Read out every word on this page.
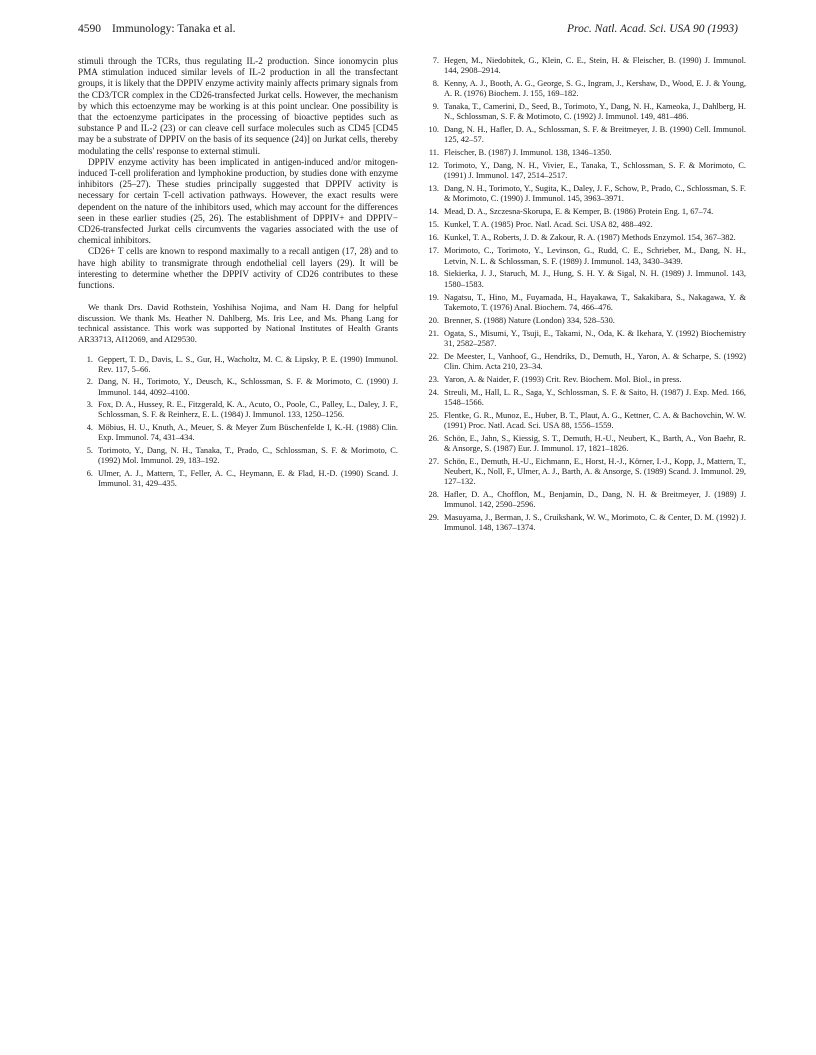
4590 Immunology: Tanaka et al.	Proc. Natl. Acad. Sci. USA 90 (1993)

stimuli through the TCRs, thus regulating IL-2 production. Since ionomycin plus PMA stimulation induced similar levels of IL-2 production in all the transfectant groups, it is likely that the DPPIV enzyme activity mainly affects primary signals from the CD3/TCR complex in the CD26-transfected Jurkat cells. However, the mechanism by which this ectoenzyme may be working is at this point unclear. One possibility is that the ectoenzyme participates in the processing of bioactive peptides such as substance P and IL-2 (23) or can cleave cell surface molecules such as CD45 [CD45 may be a substrate of DPPIV on the basis of its sequence (24)] on Jurkat cells, thereby modulating the cells' response to external stimuli.

DPPIV enzyme activity has been implicated in antigen-induced and/or mitogen-induced T-cell proliferation and lymphokine production, by studies done with enzyme inhibitors (25–27). These studies principally suggested that DPPIV activity is necessary for certain T-cell activation pathways. However, the exact results were dependent on the nature of the inhibitors used, which may account for the differences seen in these earlier studies (25, 26). The establishment of DPPIV+ and DPPIV− CD26-transfected Jurkat cells circumvents the vagaries associated with the use of chemical inhibitors.

CD26+ T cells are known to respond maximally to a recall antigen (17, 28) and to have high ability to transmigrate through endothelial cell layers (29). It will be interesting to determine whether the DPPIV activity of CD26 contributes to these functions.

We thank Drs. David Rothstein, Yoshihisa Nojima, and Nam H. Dang for helpful discussion. We thank Ms. Heather N. Dahlberg, Ms. Iris Lee, and Ms. Phang Lang for technical assistance. This work was supported by National Institutes of Health Grants AR33713, AI12069, and AI29530.

1. Geppert, T. D., Davis, L. S., Gur, H., Wacholtz, M. C. & Lipsky, P. E. (1990) Immunol. Rev. 117, 5–66.
2. Dang, N. H., Torimoto, Y., Deusch, K., Schlossman, S. F. & Morimoto, C. (1990) J. Immunol. 144, 4092–4100.
3. Fox, D. A., Hussey, R. E., Fitzgerald, K. A., Acuto, O., Poole, C., Palley, L., Daley, J. F., Schlossman, S. F. & Reinherz, E. L. (1984) J. Immunol. 133, 1250–1256.
4. Möbius, H. U., Knuth, A., Meuer, S. & Meyer Zum Büschenfelde I, K.-H. (1988) Clin. Exp. Immunol. 74, 431–434.
5. Torimoto, Y., Dang, N. H., Tanaka, T., Prado, C., Schlossman, S. F. & Morimoto, C. (1992) Mol. Immunol. 29, 183–192.
6. Ulmer, A. J., Mattern, T., Feller, A. C., Heymann, E. & Flad, H.-D. (1990) Scand. J. Immunol. 31, 429–435.
7. Hegen, M., Niedobitek, G., Klein, C. E., Stein, H. & Fleischer, B. (1990) J. Immunol. 144, 2908–2914.
8. Kenny, A. J., Booth, A. G., George, S. G., Ingram, J., Kershaw, D., Wood, E. J. & Young, A. R. (1976) Biochem. J. 155, 169–182.
9. Tanaka, T., Camerini, D., Seed, B., Torimoto, Y., Dang, N. H., Kameoka, J., Dahlberg, H. N., Schlossman, S. F. & Motimoto, C. (1992) J. Immunol. 149, 481–486.
10. Dang, N. H., Hafler, D. A., Schlossman, S. F. & Breitmeyer, J. B. (1990) Cell. Immunol. 125, 42–57.
11. Fleischer, B. (1987) J. Immunol. 138, 1346–1350.
12. Torimoto, Y., Dang, N. H., Vivier, E., Tanaka, T., Schlossman, S. F. & Morimoto, C. (1991) J. Immunol. 147, 2514–2517.
13. Dang, N. H., Torimoto, Y., Sugita, K., Daley, J. F., Schow, P., Prado, C., Schlossman, S. F. & Morimoto, C. (1990) J. Immunol. 145, 3963–3971.
14. Mead, D. A., Szczesna-Skorupa, E. & Kemper, B. (1986) Protein Eng. 1, 67–74.
15. Kunkel, T. A. (1985) Proc. Natl. Acad. Sci. USA 82, 488–492.
16. Kunkel, T. A., Roberts, J. D. & Zakour, R. A. (1987) Methods Enzymol. 154, 367–382.
17. Morimoto, C., Torimoto, Y., Levinson, G., Rudd, C. E., Schrieber, M., Dang, N. H., Letvin, N. L. & Schlossman, S. F. (1989) J. Immunol. 143, 3430–3439.
18. Siekierka, J. J., Staruch, M. J., Hung, S. H. Y. & Sigal, N. H. (1989) J. Immunol. 143, 1580–1583.
19. Nagatsu, T., Hino, M., Fuyamada, H., Hayakawa, T., Sakakibara, S., Nakagawa, Y. & Takemoto, T. (1976) Anal. Biochem. 74, 466–476.
20. Brenner, S. (1988) Nature (London) 334, 528–530.
21. Ogata, S., Misumi, Y., Tsuji, E., Takami, N., Oda, K. & Ikehara, Y. (1992) Biochemistry 31, 2582–2587.
22. De Meester, I., Vanhoof, G., Hendriks, D., Demuth, H., Yaron, A. & Scharpe, S. (1992) Clin. Chim. Acta 210, 23–34.
23. Yaron, A. & Naider, F. (1993) Crit. Rev. Biochem. Mol. Biol., in press.
24. Streuli, M., Hall, L. R., Saga, Y., Schlossman, S. F. & Saito, H. (1987) J. Exp. Med. 166, 1548–1566.
25. Flentke, G. R., Munoz, E., Huber, B. T., Plaut, A. G., Kettner, C. A. & Bachovchin, W. W. (1991) Proc. Natl. Acad. Sci. USA 88, 1556–1559.
26. Schön, E., Jahn, S., Kiessig, S. T., Demuth, H.-U., Neubert, K., Barth, A., Von Baehr, R. & Ansorge, S. (1987) Eur. J. Immunol. 17, 1821–1826.
27. Schön, E., Demuth, H.-U., Eichmann, E., Horst, H.-J., Körner, I.-J., Kopp, J., Mattern, T., Neubert, K., Noll, F., Ulmer, A. J., Barth, A. & Ansorge, S. (1989) Scand. J. Immunol. 29, 127–132.
28. Hafler, D. A., Chofflon, M., Benjamin, D., Dang, N. H. & Breitmeyer, J. (1989) J. Immunol. 142, 2590–2596.
29. Masuyama, J., Berman, J. S., Cruikshank, W. W., Morimoto, C. & Center, D. M. (1992) J. Immunol. 148, 1367–1374.
